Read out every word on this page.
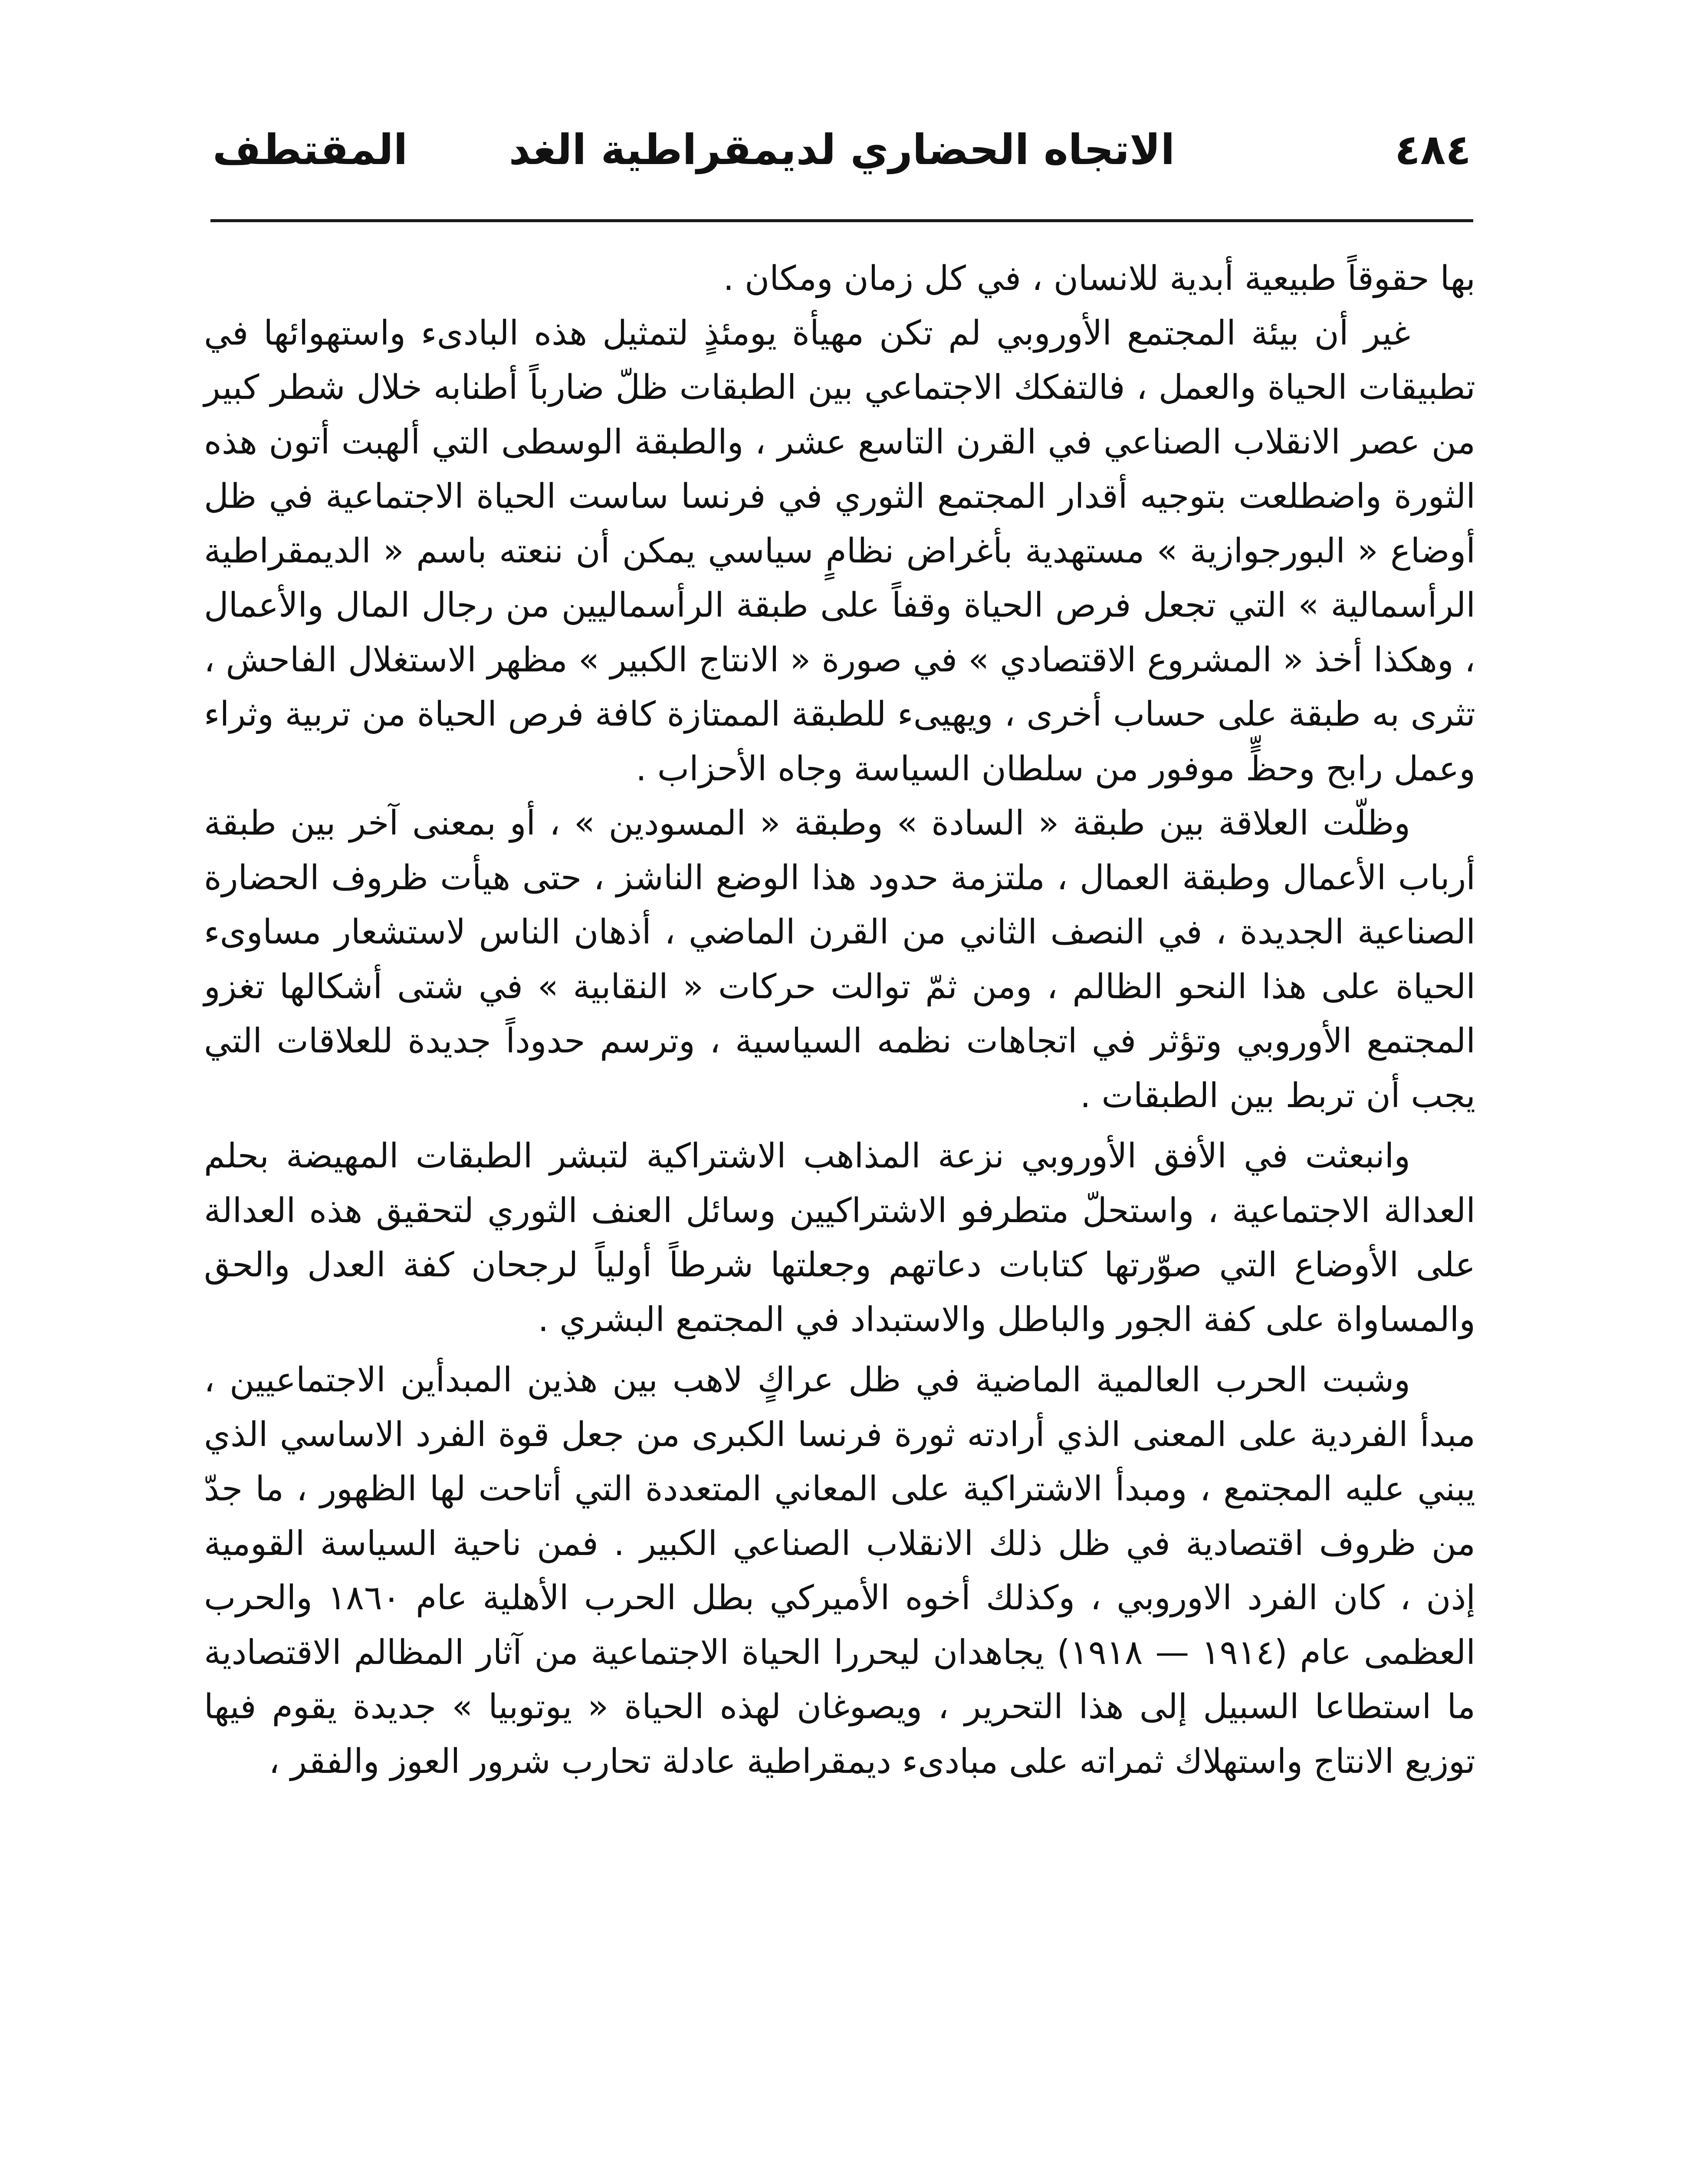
٤٨٤
الاتجاه الحضاري لديمقراطية الغد
المقتطف

بها حقوقاً طبيعية أبدية للانسان ، في كل زمان ومكان .

غير أن بيئة المجتمع الأوروبي لم تكن مهيأة يومئذٍ لتمثيل هذه البادىء واستهوائها في تطبيقات الحياة والعمل ، فالتفكك الاجتماعي بين الطبقات ظلّ ضارباً أطنابه خلال شطر كبير من عصر الانقلاب الصناعي في القرن التاسع عشر ، والطبقة الوسطى التي ألهبت أتون هذه الثورة واضطلعت بتوجيه أقدار المجتمع الثوري في فرنسا ساست الحياة الاجتماعية في ظل أوضاع « البورجوازية » مستهدية بأغراض نظامٍ سياسي يمكن أن ننعته باسم « الديمقراطية الرأسمالية » التي تجعل فرص الحياة وقفاً على طبقة الرأسماليين من رجال المال والأعمال ، وهكذا أخذ « المشروع الاقتصادي » في صورة « الانتاج الكبير » مظهر الاستغلال الفاحش ، تثرى به طبقة على حساب أخرى ، ويهيىء للطبقة الممتازة كافة فرص الحياة من تربية وثراء وعمل رابح وحظٍّ موفور من سلطان السياسة وجاه الأحزاب .

وظلّت العلاقة بين طبقة « السادة » وطبقة « المسودين » ، أو بمعنى آخر بين طبقة أرباب الأعمال وطبقة العمال ، ملتزمة حدود هذا الوضع الناشز ، حتى هيأت ظروف الحضارة الصناعية الجديدة ، في النصف الثاني من القرن الماضي ، أذهان الناس لاستشعار مساوىء الحياة على هذا النحو الظالم ، ومن ثمّ توالت حركات « النقابية » في شتى أشكالها تغزو المجتمع الأوروبي وتؤثر في اتجاهات نظمه السياسية ، وترسم حدوداً جديدة للعلاقات التي يجب أن تربط بين الطبقات .

وانبعثت في الأفق الأوروبي نزعة المذاهب الاشتراكية لتبشر الطبقات المهيضة بحلم العدالة الاجتماعية ، واستحلّ متطرفو الاشتراكيين وسائل العنف الثوري لتحقيق هذه العدالة على الأوضاع التي صوّرتها كتابات دعاتهم وجعلتها شرطاً أولياً لرجحان كفة العدل والحق والمساواة على كفة الجور والباطل والاستبداد في المجتمع البشري .

وشبت الحرب العالمية الماضية في ظل عراكٍ لاهب بين هذين المبدأين الاجتماعيين ، مبدأ الفردية على المعنى الذي أرادته ثورة فرنسا الكبرى من جعل قوة الفرد الاساسي الذي يبني عليه المجتمع ، ومبدأ الاشتراكية على المعاني المتعددة التي أتاحت لها الظهور ، ما جدّ من ظروف اقتصادية في ظل ذلك الانقلاب الصناعي الكبير . فمن ناحية السياسة القومية إذن ، كان الفرد الاوروبي ، وكذلك أخوه الأميركي بطل الحرب الأهلية عام ١٨٦٠ والحرب العظمى عام (١٩١٤ — ١٩١٨) يجاهدان ليحررا الحياة الاجتماعية من آثار المظالم الاقتصادية ما استطاعا السبيل إلى هذا التحرير ، ويصوغان لهذه الحياة « يوتوبيا » جديدة يقوم فيها توزيع الانتاج واستهلاك ثمراته على مبادىء ديمقراطية عادلة تحارب شرور العوز والفقر ،
